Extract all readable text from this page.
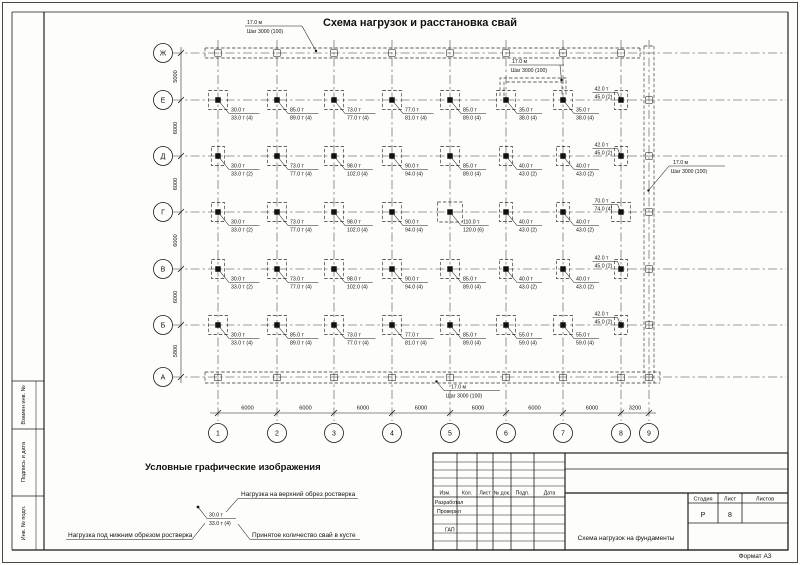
Взамен инв. №
Подпись и дата
Инв. № подл.
Схема нагрузок и расстановка свай
Ж
Е
Д
Г
В
Б
А
5000
6000
6000
6000
6000
5800
1	2	3	4	5	6	7	8	9
6000	6000	6000	6000	6000	6000	6000	3200
30.0 т
33.0 т (4)
85.0 т
89.0 т (4)
73.0 т
77.0 т (4)
77.0 т
81.0 т (4)
85.0 т
89.0 (4)
35.0 т
38.0 (4)
35.0 т
38.0 (4)
42.0 т
45.0 (2)
30.0 т
33.0 т (2)
73.0 т
77.0 т (4)
98.0 т
102.0 (4)
90.0 т
94.0 (4)
85.0 т
89.0 (4)
40.0 т
43.0 (2)
40.0 т
43.0 (2)
42.0 т
45.0 (2)
30.0 т
33.0 т (2)
73.0 т
77.0 т (4)
98.0 т
102.0 (4)
90.0 т
94.0 (4)
110.0 т
120.0 (6)
40.0 т
43.0 (2)
40.0 т
43.0 (2)
70.0 т
74.0 (4)
30.0 т
33.0 т (2)
73.0 т
77.0 т (4)
98.0 т
102.0 (4)
90.0 т
94.0 (4)
85.0 т
89.0 (4)
40.0 т
43.0 (2)
40.0 т
43.0 (2)
42.0 т
45.0 (2)
30.0 т
33.0 т (4)
85.0 т
89.0 т (4)
73.0 т
77.0 т (4)
77.0 т
81.0 т (4)
85.0 т
89.0 (4)
55.0 т
59.0 (4)
55.0 т
59.0 (4)
42.0 т
45.0 (2)
17.0 м
Шаг 3000 (100)
17.0 м
Шаг 3000 (100)
17.0 м
Шаг 3000 (100)
17.0 м
Шаг 3000 (100)
Условные графические изображения
Нагрузка на верхний обрез ростверка
30.0 т
33.0 т (4)
Нагрузка под нижним обрезом ростверка	Принятое количество свай в кусте
Изм. Кол. Лист № док. Подп.	Дата
Разработал
Проверил
ГАП
Схема нагрузок на фундаменты
Стадия Лист	Листов
Р	8
Формат А3
